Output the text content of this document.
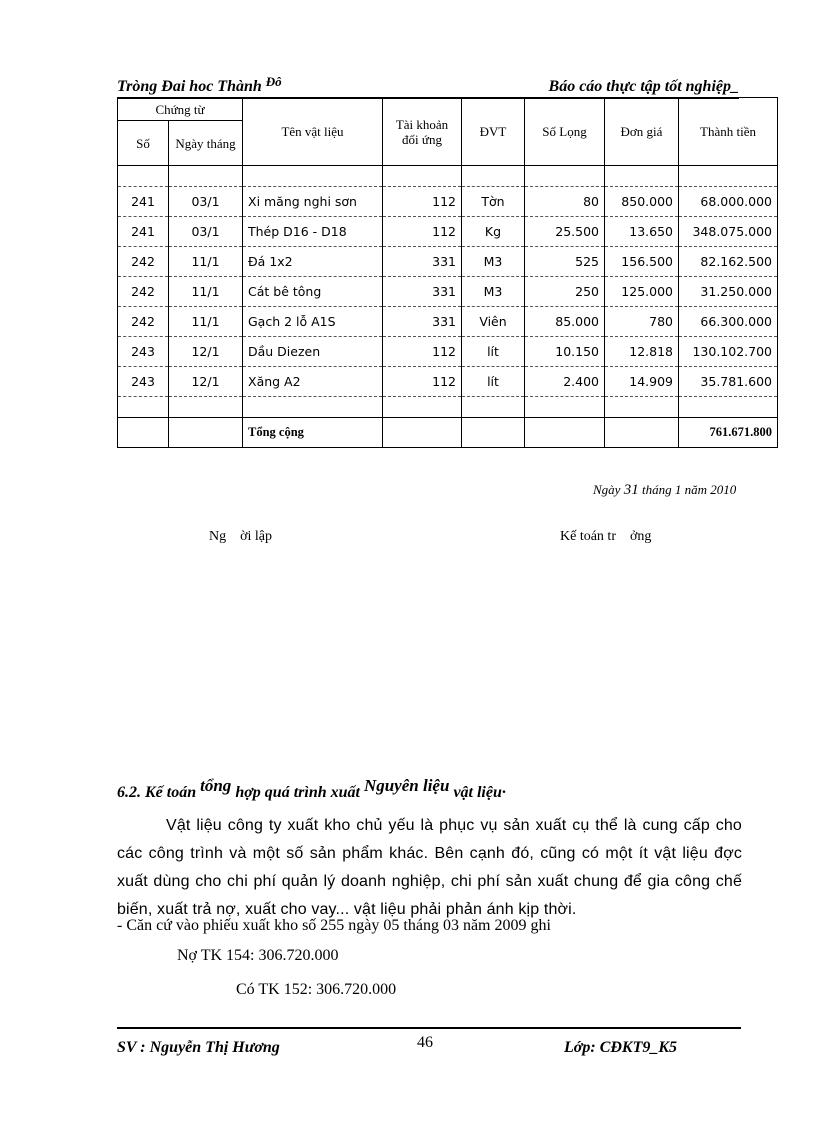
Tròng Đai hoc Thành $^{Đô}$	Báo cáo thực tập tốt nghiệp_
Chứng từ		Tên vật liệu	Tài khoản đối ứng	ĐVT	Số Lọng	Đơn giá	Thành tiền
Số	Ngày tháng						

241	03/1	Xi măng nghi sơn	112	Tờn	80	850.000	68.000.000
241	03/1	Thép D16 - D18	112	Kg	25.500	13.650	348.075.000
242	11/1	Đá 1x2	331	M3	525	156.500	82.162.500
242	11/1	Cát bê tông	331	M3	250	125.000	31.250.000
242	11/1	Gạch 2 lỗ A1S	331	Viên	85.000	780	66.300.000
243	12/1	Dầu Diezen	112	lít	10.150	12.818	130.102.700
243	12/1	Xăng A2	112	lít	2.400	14.909	35.781.600

		Tổng cộng					761.671.800
Ngày 31 tháng 1 năm 2010
Ng    ời lập	Kế toán tr    ởng
6.2. Kế toán tổng hợp quá trình xuất Nguyên liệu vật liệu·
Vật liệu công ty xuất kho chủ yếu là phục vụ sản xuất cụ thể là cung cấp cho các công trình và một số sản phẩm khác. Bên cạnh đó, cũng có một ít vật liệu đợc   xuất dùng cho chi phí quản lý doanh nghiệp, chi phí sản xuất chung để gia công chế biến, xuất trả nợ, xuất cho vay... vật liệu phải phản ánh kịp thời.
- Căn cứ vào phiếu xuất kho số 255 ngày 05 tháng 03 năm 2009 ghi
Nợ TK 154: 306.720.000
Có TK 152: 306.720.000
SV : Nguyễn Thị Hương	46	Lớp: CĐKT9_K5
